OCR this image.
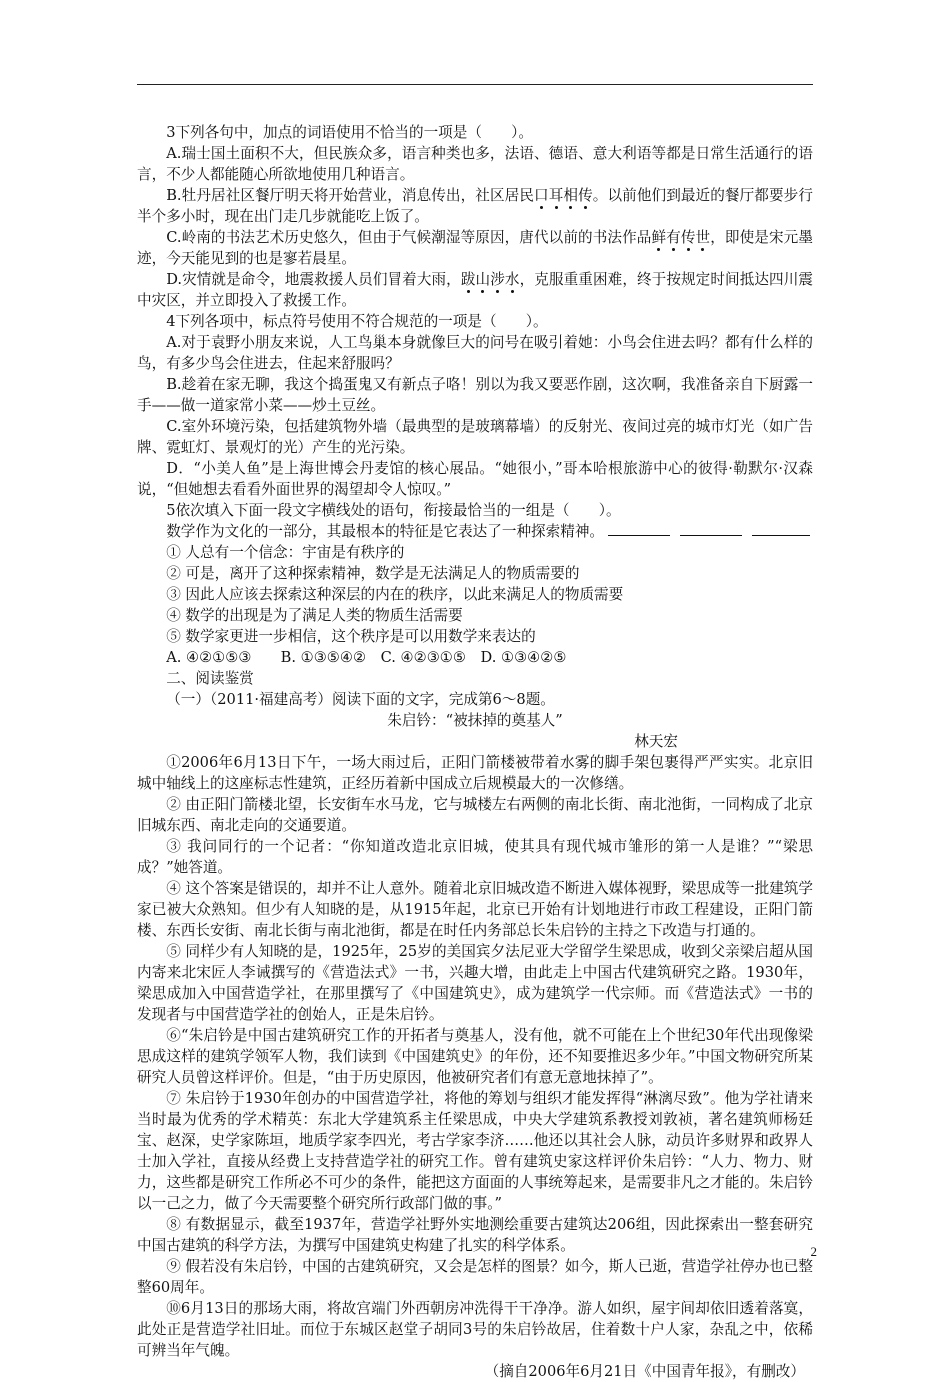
3下列各句中，加点的词语使用不恰当的一项是（　　）。

A.瑞士国土面积不大，但民族众多，语言种类也多，法语、德语、意大利语等都是日常生活通行的语言，不少人都能随心所欲地使用几种语言。

B.牡丹居社区餐厅明天将开始营业，消息传出，社区居民口耳相传。以前他们到最近的餐厅都要步行半个多小时，现在出门走几步就能吃上饭了。

C.岭南的书法艺术历史悠久，但由于气候潮湿等原因，唐代以前的书法作品鲜有传世，即使是宋元墨迹，今天能见到的也是寥若晨星。

D.灾情就是命令，地震救援人员们冒着大雨，跋山涉水，克服重重困难，终于按规定时间抵达四川震中灾区，并立即投入了救援工作。

4下列各项中，标点符号使用不符合规范的一项是（　　）。

A.对于袁野小朋友来说，人工鸟巢本身就像巨大的问号在吸引着她：小鸟会住进去吗？都有什么样的鸟，有多少鸟会住进去，住起来舒服吗？

B.趁着在家无聊，我这个捣蛋鬼又有新点子咯！别以为我又要恶作剧，这次啊，我准备亲自下厨露一手——做一道家常小菜——炒土豆丝。

C.室外环境污染，包括建筑物外墙（最典型的是玻璃幕墙）的反射光、夜间过亮的城市灯光（如广告牌、霓虹灯、景观灯的光）产生的光污染。

D．“小美人鱼”是上海世博会丹麦馆的核心展品。“她很小，”哥本哈根旅游中心的彼得·勒默尔·汉森说，“但她想去看看外面世界的渴望却令人惊叹。”

5依次填入下面一段文字横线处的语句，衔接最恰当的一组是（　　）。

数学作为文化的一部分，其最根本的特征是它表达了一种探索精神。

① 人总有一个信念：宇宙是有秩序的

② 可是，离开了这种探索精神，数学是无法满足人的物质需要的

③ 因此人应该去探索这种深层的内在的秩序，以此来满足人的物质需要

④ 数学的出现是为了满足人类的物质生活需要

⑤ 数学家更进一步相信，这个秩序是可以用数学来表达的

A. ④②①⑤③　　B. ①③⑤④②　C. ④②③①⑤　D. ①③④②⑤

二、阅读鉴赏

（一）（2011·福建高考）阅读下面的文字，完成第6～8题。

朱启钤：“被抹掉的奠基人”

林天宏

①2006年6月13日下午，一场大雨过后，正阳门箭楼被带着水雾的脚手架包裹得严严实实。北京旧城中轴线上的这座标志性建筑，正经历着新中国成立后规模最大的一次修缮。

② 由正阳门箭楼北望，长安街车水马龙，它与城楼左右两侧的南北长街、南北池街，一同构成了北京旧城东西、南北走向的交通要道。

③ 我问同行的一个记者：“你知道改造北京旧城，使其具有现代城市雏形的第一人是谁？”“梁思成？”她答道。

④ 这个答案是错误的，却并不让人意外。随着北京旧城改造不断进入媒体视野，梁思成等一批建筑学家已被大众熟知。但少有人知晓的是，从1915年起，北京已开始有计划地进行市政工程建设，正阳门箭楼、东西长安街、南北长街与南北池街，都是在时任内务部总长朱启钤的主持之下改造与打通的。

⑤ 同样少有人知晓的是，1925年，25岁的美国宾夕法尼亚大学留学生梁思成，收到父亲梁启超从国内寄来北宋匠人李诫撰写的《营造法式》一书，兴趣大增，由此走上中国古代建筑研究之路。1930年，梁思成加入中国营造学社，在那里撰写了《中国建筑史》，成为建筑学一代宗师。而《营造法式》一书的发现者与中国营造学社的创始人，正是朱启钤。

⑥“朱启钤是中国古建筑研究工作的开拓者与奠基人，没有他，就不可能在上个世纪30年代出现像梁思成这样的建筑学领军人物，我们读到《中国建筑史》的年份，还不知要推迟多少年。”中国文物研究所某研究人员曾这样评价。但是，“由于历史原因，他被研究者们有意无意地抹掉了”。

⑦ 朱启钤于1930年创办的中国营造学社，将他的筹划与组织才能发挥得“淋漓尽致”。他为学社请来当时最为优秀的学术精英：东北大学建筑系主任梁思成，中央大学建筑系教授刘敦祯，著名建筑师杨廷宝、赵深，史学家陈垣，地质学家李四光，考古学家李济……他还以其社会人脉，动员许多财界和政界人士加入学社，直接从经费上支持营造学社的研究工作。曾有建筑史家这样评价朱启钤：“人力、物力、财力，这些都是研究工作所必不可少的条件，能把这方面面的人事统筹起来，是需要非凡之才能的。朱启钤以一己之力，做了今天需要整个研究所行政部门做的事。”

⑧ 有数据显示，截至1937年，营造学社野外实地测绘重要古建筑达206组，因此探索出一整套研究中国古建筑的科学方法，为撰写中国建筑史构建了扎实的科学体系。

⑨ 假若没有朱启钤，中国的古建筑研究，又会是怎样的图景？如今，斯人已逝，营造学社停办也已整整60周年。

⑩6月13日的那场大雨，将故宫端门外西朝房冲洗得干干净净。游人如织，屋宇间却依旧透着落寞，此处正是营造学社旧址。而位于东城区赵堂子胡同3号的朱启钤故居，住着数十户人家，杂乱之中，依稀可辨当年气魄。

（摘自2006年6月21日《中国青年报》，有删改）

2
